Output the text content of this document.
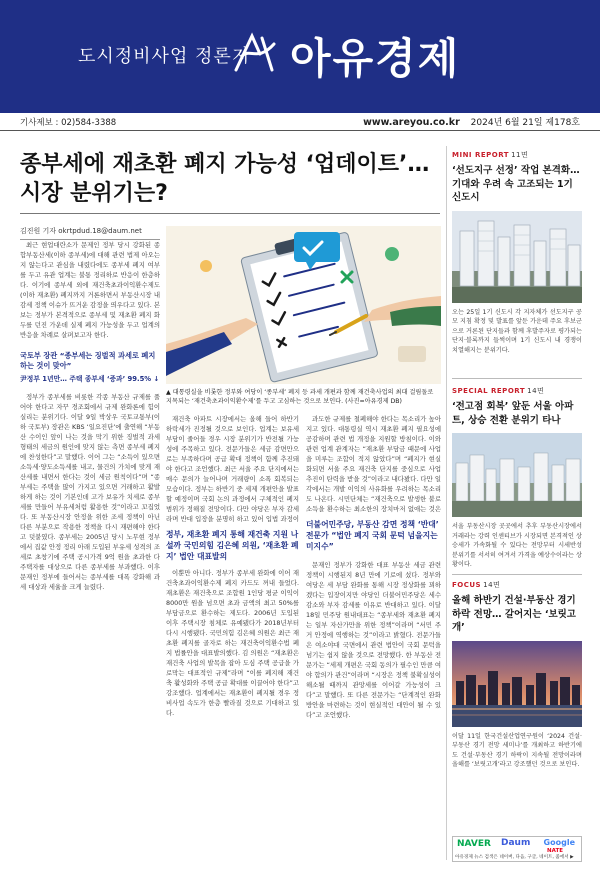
도시정비사업 정론지 아유경제
기사제보 : 02)584-3388	www.areyou.co.kr 2024년 6월 21일 제178호
종부세에 재초환 폐지 가능성 ‘업데이트’…
시장 분위기는?
김진원 기자 okrtpdud.18@daum.net

최근 현업대란소가 문제인 정부 당시 강화된 종합부동산세(이하 종부세)에 대해 관련 법제 아오는지 않는다고 관심을 내렸다에도 종부세 폐지 여부를 두고 유관 업계는 불통 정리하로 반응이 한층하다. 이기에 종부세 외에 재건축초과이익환수제도(이하 재초환) 폐지까지 거론하면서 부동산시장 내 감세 정책 이슈가 뜨거운 감정을 띄우다고 있다. 본보는 정부가 본격적으로 종부세 및 재초환 폐지 화두를 던진 가운데 실제 폐지 가능성을 두고 업계의 반응을 차례로 살펴보고자 한다.

국토부 장관 “종부세는 징벌적 과세로 폐지하는 것이 맞아”
尹정부 1년만… 주택 종부세 ‘증과’ 99.5% ↓

정부가 종부세를 비롯한 각종 부동산 규제를 풀어야 한다고 자꾸 경조회에서 규제 완화론에 힘이 실리는 분위기다. 이달 9일 박상우 국토교통부(이하 국토부) 장관은 KBS ‘일요진단’에 출연해 “부동산 수이인 앞이 나는 것을 막기 위한 징벌적 과세 형태의 세금의 원인에 맞지 않는 측면 종부세 폐지에 찬성한다”고 말했다. 이어 그는 “소득이 있으면 소득세·양도소득세를 내고, 물건의 가치에 맞게 재산세를 내면서 한다는 것이 세금 원칙이다”며 “종부세는 주택을 많이 가지고 있으면 거래하고 활발하게 하는 것이 기본인데 고가 보유가 치세로 종부세를 만들어 부유세처럼 활용한 것”이라고 꼬집었다. 또 부동산시장 안정을 위한 조세 정책이 아닌 다른 부분으로 작용한 정책을 다시 재편해야 한다고 덧붙였다. 종부세는 2005년 당시 노무현 정부에서 집값 안정 정리 아래 도입된 부유세 성격의 조세로 초창기에 주택 공시가격 9억 원을 초과한 다주택자를 대상으로 다른 종부세를 부과했다. 이후 문재인 정부에 들어서는 종부세를 대폭 강화해 과세 대상과 세율을 크게 늘렸다.

▲ 대통령실을 비롯한 정부와 여당이 ‘종부세’ 폐지 등 과세 개편과 함께 재건축사업의 최대 걸림돌로 지목되는 ‘재건축초과이익환수제’를 두고 고심하는 것으로 보인다. (사진=아유경제 DB)

재건축 아파트 시장에서는 올해 들어 하반기 하락세가 진정될 것으로 보인다. 업계는 보유세 부담이 줄어들 경우 시장 분위기가 반전될 가능성에 주목하고 있다. 전문가들은 세금 감면만으로는 부족하다며 공급 확대 정책이 함께 추진돼야 한다고 조언했다. 최근 서울 주요 단지에서는 매수 문의가 늘어나며 거래량이 소폭 회복되는 모습이다. 정부는 하반기 중 세제 개편안을 발표할 예정이며 국회 논의 과정에서 구체적인 폐지 범위가 정해질 전망이다. 다만 야당은 부자 감세라며 반대 입장을 분명히 하고 있어 입법 과정이

정부, 재초환 폐지 통해 재건축 지원 나설까 국민의힘 김은혜 의원, ‘재초환 폐지’ 법안 대표발의

이뿐만 아니다. 정부가 종부세 완화에 이어 재건축초과이익환수제 폐지 카드도 꺼내 들었다. 재초환은 재건축으로 조합원 1인당 평균 이익이 8000만 원을 넘으면 초과 금액의 최고 50%를 부담금으로 환수하는 제도다. 2006년 도입된 이후 주택시장 침체로 유예됐다가 2018년부터 다시 시행됐다. 국민의힘 김은혜 의원은 최근 재초환 폐지를 골자로 하는 재건축이익환수법 폐지 법률안을 대표발의했다. 김 의원은 “재초환은 재건축 사업의 발목을 잡아 도심 주택 공급을 가로막는 대표적인 규제”라며 “이를 폐지해 재건축 활성화와 주택 공급 확대를 이끌어야 한다”고 강조했다. 업계에서는 재초환이 폐지될 경우 정비사업 속도가 한층 빨라질 것으로 기대하고 있다.

과도한 규제를 철폐해야 한다는 목소리가 높아지고 있다. 대통령실 역시 재초환 폐지 필요성에 공감하며 관련 법 개정을 지원할 방침이다. 이와 관련 업계 관계자는 “재초환 부담금 때문에 사업을 미루는 조합이 적지 않았다”며 “폐지가 현실화되면 서울 주요 재건축 단지를 중심으로 사업 추진이 탄력을 받을 것”이라고 내다봤다. 다만 일각에서는 개발 이익의 사유화를 우려하는 목소리도 나온다. 시민단체는 “재건축으로 발생한 불로소득을 환수하는 최소한의 장치마저 없애는 것은

더불어민주당, 부동산 감면 정책 ‘반대’ 전문가 “법안 폐지 국회 문턱 넘을지는 미지수”

문재인 정부가 강화한 대표 부동산 세금 관련 정책이 시행된지 8년 만에 기로에 섰다. 정부와 여당은 세 부담 완화를 통해 시장 정상화를 꾀하겠다는 입장이지만 야당인 더불어민주당은 세수 감소와 부자 감세를 이유로 반대하고 있다. 이달 18일 민주당 원내대표는 “종부세와 재초환 폐지는 일부 자산가만을 위한 정책”이라며 “서민 주거 안정에 역행하는 것”이라고 밝혔다. 전문가들은 여소야대 국면에서 관련 법안이 국회 문턱을 넘기는 쉽지 않을 것으로 전망했다. 한 부동산 전문가는 “세제 개편은 국회 동의가 필수인 만큼 여야 합의가 관건”이라며 “시장은 정책 불확실성이 해소될 때까지 관망세를 이어갈 가능성이 크다”고 말했다. 또 다른 전문가는 “단계적인 완화 방안을 마련하는 것이 현실적인 대안이 될 수 있다”고 조언했다.

MINI REPORT 11면
‘선도지구 선정’ 작업 본격화… 기대와 우려 속 고조되는 1기 신도시
오는 25일 1기 신도시 각 지자체가 선도지구 공모 지침 확정 및 발표를 앞둔 가운데 주요 후보군으로 거론된 단지들과 함께 후발주자로 평가되는 단지·블록까지 들썩이며 1기 신도시 내 경쟁이 치열해지는 분위기다.
SPECIAL REPORT 14면
‘전고점 회복’ 앞둔 서울 아파트, 상승 전환 분위기 타나
서울 부동산시장 곳곳에서 추후 부동산시장에서 거래라는 강력 인센티브가 시장되면 본격적인 상승세가 가속화될 수 있다는 전망부터 시세반성 분위기를 서서히 여겨서 가격을 예상수이라는 상황이다.
FOCUS 14면
올해 하반기 건설·부동산 경기 하락 전망… 갈어지는 ‘보릿고개’
이달 11일 한국건설산업연구원이 ‘2024 건설·부동산 경기 전망 세미나’를 개최하고 하반기에도 건설·부동산 경기 하락이 지속될 전망이라며 올해를 ‘보릿고개’라고 강조했던 것으로 보인다.
NAVER Daum Google
NATE
아유경제 뉴스 검색은 네이버, 다음, 구글, 네이트, 줌에서 ▶
